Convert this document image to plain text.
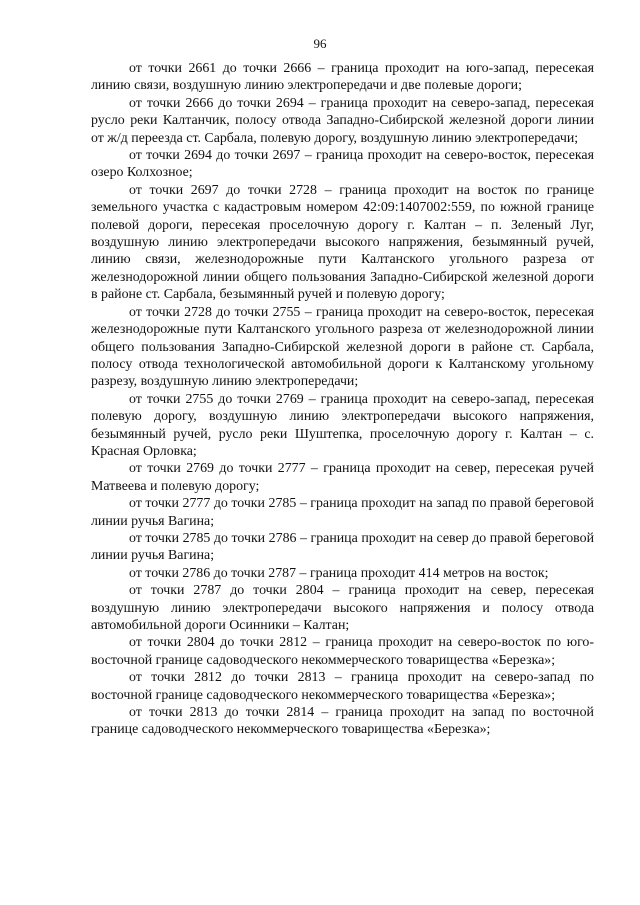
96

от точки 2661 до точки 2666 – граница проходит на юго-запад, пересекая линию связи, воздушную линию электропередачи и две полевые дороги;

от точки 2666 до точки 2694 – граница проходит на северо-запад, пересекая русло реки Калтанчик, полосу отвода Западно-Сибирской железной дороги линии от ж/д переезда ст. Сарбала, полевую дорогу, воздушную линию электропередачи;

от точки 2694 до точки 2697 – граница проходит на северо-восток, пересекая озеро Колхозное;

от точки 2697 до точки 2728 – граница проходит на восток по границе земельного участка с кадастровым номером 42:09:1407002:559, по южной границе полевой дороги, пересекая проселочную дорогу г. Калтан – п. Зеленый Луг, воздушную линию электропередачи высокого напряжения, безымянный ручей, линию связи, железнодорожные пути Калтанского угольного разреза от железнодорожной линии общего пользования Западно-Сибирской железной дороги в районе ст. Сарбала, безымянный ручей и полевую дорогу;

от точки 2728 до точки 2755 – граница проходит на северо-восток, пересекая железнодорожные пути Калтанского угольного разреза от железнодорожной линии общего пользования Западно-Сибирской железной дороги в районе ст. Сарбала, полосу отвода технологической автомобильной дороги к Калтанскому угольному разрезу, воздушную линию электропередачи;

от точки 2755 до точки 2769 – граница проходит на северо-запад, пересекая полевую дорогу, воздушную линию электропередачи высокого напряжения, безымянный ручей, русло реки Шуштепка, проселочную дорогу г. Калтан – с. Красная Орловка;

от точки 2769 до точки 2777 – граница проходит на север, пересекая ручей Матвеева и полевую дорогу;

от точки 2777 до точки 2785 – граница проходит на запад по правой береговой линии ручья Вагина;

от точки 2785 до точки 2786 – граница проходит на север до правой береговой линии ручья Вагина;

от точки 2786 до точки 2787 – граница проходит 414 метров на восток;

от точки 2787 до точки 2804 – граница проходит на север, пересекая воздушную линию электропередачи высокого напряжения и полосу отвода автомобильной дороги Осинники – Калтан;

от точки 2804 до точки 2812 – граница проходит на северо-восток по юго-восточной границе садоводческого некоммерческого товарищества «Березка»;

от точки 2812 до точки 2813 – граница проходит на северо-запад по восточной границе садоводческого некоммерческого товарищества «Березка»;

от точки 2813 до точки 2814 – граница проходит на запад по восточной границе садоводческого некоммерческого товарищества «Березка»;
